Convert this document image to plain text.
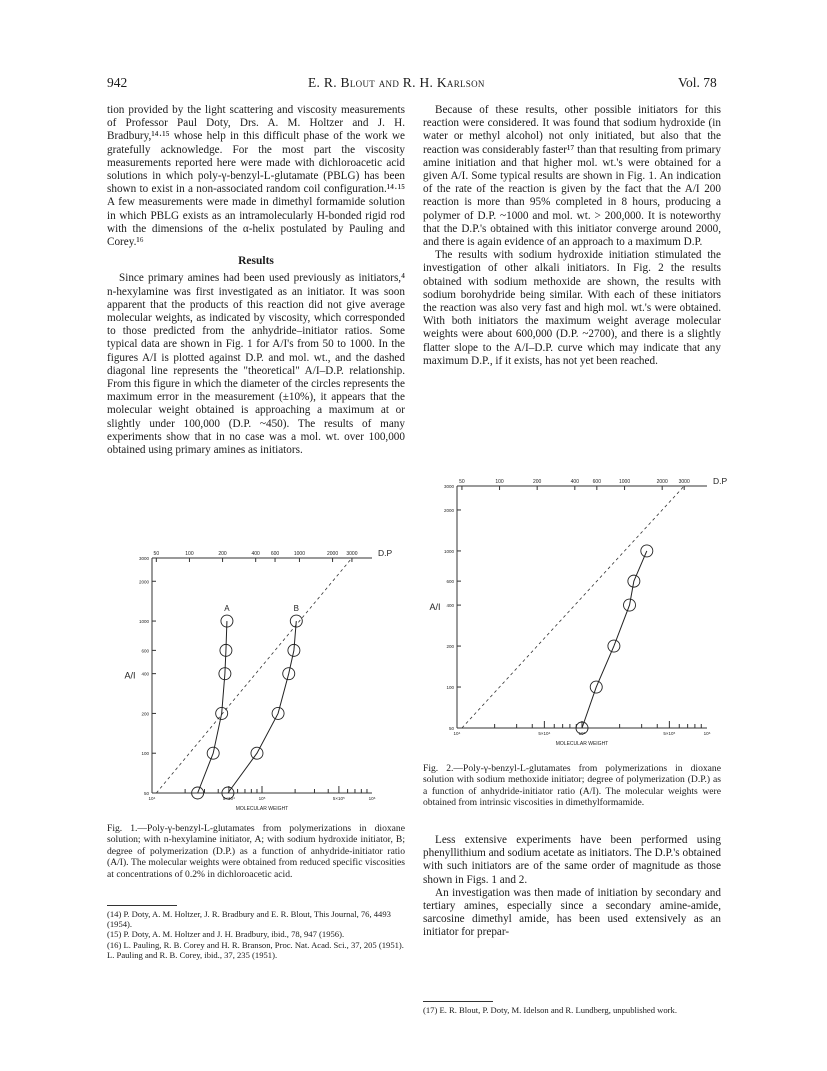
942	E. R. Blout and R. H. Karlson	Vol. 78

tion provided by the light scattering and viscosity measurements of Professor Paul Doty, Drs. A. M. Holtzer and J. H. Bradbury,¹⁴·¹⁵ whose help in this difficult phase of the work we gratefully acknowledge. For the most part the viscosity measurements reported here were made with dichloroacetic acid solutions in which poly-γ-benzyl-L-glutamate (PBLG) has been shown to exist in a non-associated random coil configuration.¹⁴·¹⁵ A few measurements were made in dimethyl formamide solution in which PBLG exists as an intramolecularly H-bonded rigid rod with the dimensions of the α-helix postulated by Pauling and Corey.¹⁶

Results

Since primary amines had been used previously as initiators,⁴ n-hexylamine was first investigated as an initiator. It was soon apparent that the products of this reaction did not give average molecular weights, as indicated by viscosity, which corresponded to those predicted from the anhydride–initiator ratios. Some typical data are shown in Fig. 1 for A/I's from 50 to 1000. In the figures A/I is plotted against D.P. and mol. wt., and the dashed diagonal line represents the "theoretical" A/I–D.P. relationship. From this figure in which the diameter of the circles represents the maximum error in the measurement (±10%), it appears that the molecular weight obtained is approaching a maximum at or slightly under 100,000 (D.P. ~450). The results of many experiments show that in no case was a mol. wt. over 100,000 obtained using primary amines as initiators.

Because of these results, other possible initiators for this reaction were considered. It was found that sodium hydroxide (in water or methyl alcohol) not only initiated, but also that the reaction was considerably faster¹⁷ than that resulting from primary amine initiation and that higher mol. wt.'s were obtained for a given A/I. Some typical results are shown in Fig. 1. An indication of the rate of the reaction is given by the fact that the A/I 200 reaction is more than 95% completed in 8 hours, producing a polymer of D.P. ~1000 and mol. wt. > 200,000. It is noteworthy that the D.P.'s obtained with this initiator converge around 2000, and there is again evidence of an approach to a maximum D.P.

The results with sodium hydroxide initiation stimulated the investigation of other alkali initiators. In Fig. 2 the results obtained with sodium methoxide are shown, the results with sodium borohydride being similar. With each of these initiators the reaction was also very fast and high mol. wt.'s were obtained. With both initiators the maximum weight average molecular weights were about 600,000 (D.P. ~2700), and there is a slightly flatter slope to the A/I–D.P. curve which may indicate that any maximum D.P., if it exists, has not yet been reached.

50	100	200	400 600	1000	2000 3000 D.P
3000
2000
1000
600
400
200
100
50
A/I
10⁴	5×10⁴	10⁵	5×10⁵	10⁶
MOLECULAR WEIGHT
A	B
Fig. 1.—Poly-γ-benzyl-L-glutamates from polymerizations in dioxane solution; with n-hexylamine initiator, A; with sodium hydroxide initiator, B; degree of polymerization (D.P.) as a function of anhydride-initiator ratio (A/I). The molecular weights were obtained from reduced specific viscosities at concentrations of 0.2% in dichloroacetic acid.
(14) P. Doty, A. M. Holtzer, J. R. Bradbury and E. R. Blout, This Journal, 76, 4493 (1954).
(15) P. Doty, A. M. Holtzer and J. H. Bradbury, ibid., 78, 947 (1956).
(16) L. Pauling, R. B. Corey and H. R. Branson, Proc. Nat. Acad. Sci., 37, 205 (1951). L. Pauling and R. B. Corey, ibid., 37, 235 (1951).
50	100	200	400	600	1000	2000 3000	D.P
3000
2000
1000
600
400
200
100
50
A/I
10⁴	5×10⁴	10⁵	5×10⁵	10⁶
MOLECULAR WEIGHT
Fig. 2.—Poly-γ-benzyl-L-glutamates from polymerizations in dioxane solution with sodium methoxide initiator; degree of polymerization (D.P.) as a function of anhydride-initiator ratio (A/I). The molecular weights were obtained from intrinsic viscosities in dimethylformamide.

Less extensive experiments have been performed using phenyllithium and sodium acetate as initiators. The D.P.'s obtained with such initiators are of the same order of magnitude as those shown in Figs. 1 and 2.

An investigation was then made of initiation by secondary and tertiary amines, especially since a secondary amine-amide, sarcosine dimethyl amide, has been used extensively as an initiator for prepar-

(17) E. R. Blout, P. Doty, M. Idelson and R. Lundberg, unpublished work.
